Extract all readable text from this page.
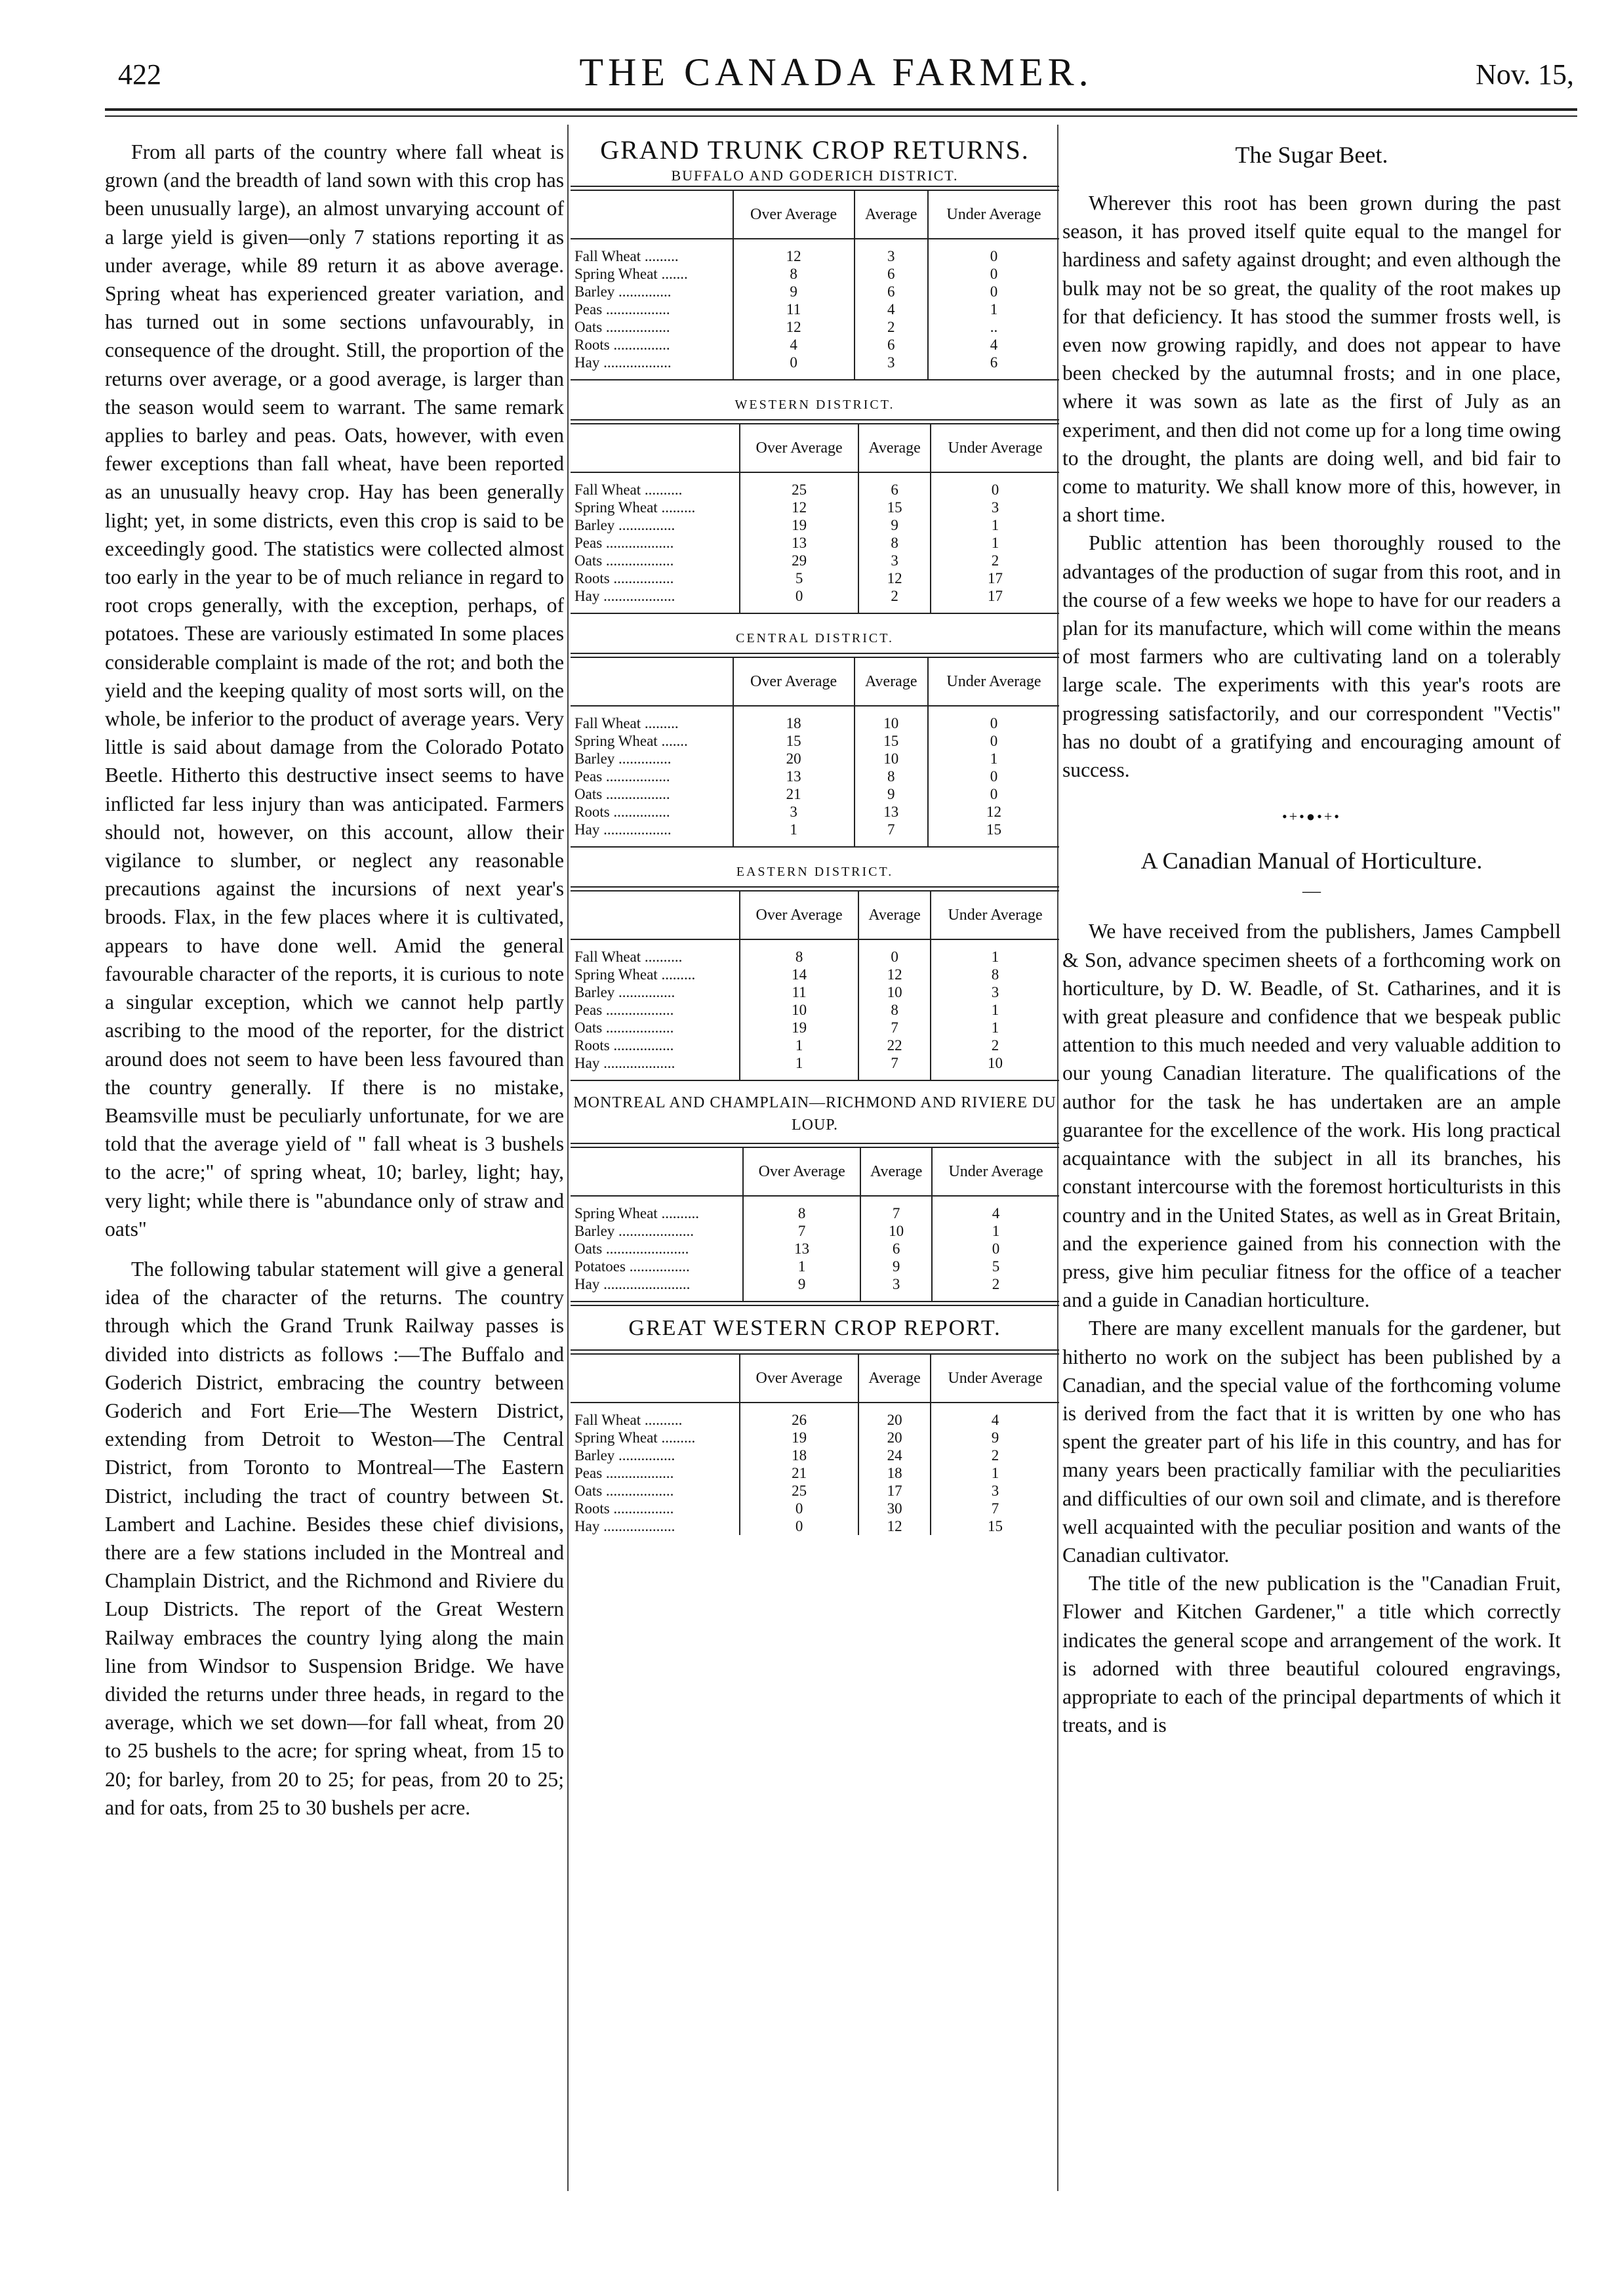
422	THE CANADA FARMER.	Nov. 15,

From all parts of the country where fall wheat is grown (and the breadth of land sown with this crop has been unusually large), an almost unvarying account of a large yield is given—only 7 stations reporting it as under average, while 89 return it as above average. Spring wheat has experienced greater variation, and has turned out in some sections unfavourably, in consequence of the drought. Still, the proportion of the returns over average, or a good average, is larger than the season would seem to warrant. The same remark applies to barley and peas. Oats, however, with even fewer exceptions than fall wheat, have been reported as an unusually heavy crop. Hay has been generally light; yet, in some districts, even this crop is said to be exceedingly good. The statistics were collected almost too early in the year to be of much reliance in regard to root crops generally, with the exception, perhaps, of potatoes. These are variously estimated In some places considerable complaint is made of the rot; and both the yield and the keeping quality of most sorts will, on the whole, be inferior to the product of average years. Very little is said about damage from the Colorado Potato Beetle. Hitherto this destructive insect seems to have inflicted far less injury than was anticipated. Farmers should not, however, on this account, allow their vigilance to slumber, or neglect any reasonable precautions against the incursions of next year's broods. Flax, in the few places where it is cultivated, appears to have done well. Amid the general favourable character of the reports, it is curious to note a singular exception, which we cannot help partly ascribing to the mood of the reporter, for the district around does not seem to have been less favoured than the country generally. If there is no mistake, Beamsville must be peculiarly unfortunate, for we are told that the average yield of " fall wheat is 3 bushels to the acre;" of spring wheat, 10; barley, light; hay, very light; while there is "abundance only of straw and oats"

The following tabular statement will give a general idea of the character of the returns. The country through which the Grand Trunk Railway passes is divided into districts as follows :—The Buffalo and Goderich District, embracing the country between Goderich and Fort Erie—The Western District, extending from Detroit to Weston—The Central District, from Toronto to Montreal—The Eastern District, including the tract of country between St. Lambert and Lachine. Besides these chief divisions, there are a few stations included in the Montreal and Champlain District, and the Richmond and Riviere du Loup Districts. The report of the Great Western Railway embraces the country lying along the main line from Windsor to Suspension Bridge. We have divided the returns under three heads, in regard to the average, which we set down—for fall wheat, from 20 to 25 bushels to the acre; for spring wheat, from 15 to 20; for barley, from 20 to 25; for peas, from 20 to 25; and for oats, from 25 to 30 bushels per acre.

GRAND TRUNK CROP RETURNS.
BUFFALO AND GODERICH DISTRICT.
	Over Average	Average	Under Average

Fall Wheat .........	12	3	0
Spring Wheat .......	8	6	0
Barley ..............	9	6	0
Peas .................	11	4	1
Oats .................	12	2	..
Roots ...............	4	6	4
Hay ..................	0	3	6

WESTERN DISTRICT.
	Over Average	Average	Under Average

Fall Wheat ..........	25	6	0
Spring Wheat .........	12	15	3
Barley ...............	19	9	1
Peas ..................	13	8	1
Oats ..................	29	3	2
Roots ................	5	12	17
Hay ...................	0	2	17

CENTRAL DISTRICT.
	Over Average	Average	Under Average

Fall Wheat .........	18	10	0
Spring Wheat .......	15	15	0
Barley ..............	20	10	1
Peas .................	13	8	0
Oats .................	21	9	0
Roots ...............	3	13	12
Hay ..................	1	7	15

EASTERN DISTRICT.
	Over Average	Average	Under Average

Fall Wheat ..........	8	0	1
Spring Wheat .........	14	12	8
Barley ...............	11	10	3
Peas ..................	10	8	1
Oats ..................	19	7	1
Roots ................	1	22	2
Hay ...................	1	7	10

MONTREAL AND CHAMPLAIN—RICHMOND AND RIVIERE DU LOUP.
	Over Average	Average	Under Average

Spring Wheat ..........	8	7	4
Barley ....................	7	10	1
Oats ......................	13	6	0
Potatoes ................	1	9	5
Hay .......................	9	3	2

GREAT WESTERN CROP REPORT.
	Over Average	Average	Under Average

Fall Wheat ..........	26	20	4
Spring Wheat .........	19	20	9
Barley ...............	18	24	2
Peas ..................	21	18	1
Oats ..................	25	17	3
Roots ................	0	30	7
Hay ...................	0	12	15
The Sugar Beet.

Wherever this root has been grown during the past season, it has proved itself quite equal to the mangel for hardiness and safety against drought; and even although the bulk may not be so great, the quality of the root makes up for that deficiency. It has stood the summer frosts well, is even now growing rapidly, and does not appear to have been checked by the autumnal frosts; and in one place, where it was sown as late as the first of July as an experiment, and then did not come up for a long time owing to the drought, the plants are doing well, and bid fair to come to maturity. We shall know more of this, however, in a short time.

Public attention has been thoroughly roused to the advantages of the production of sugar from this root, and in the course of a few weeks we hope to have for our readers a plan for its manufacture, which will come within the means of most farmers who are cultivating land on a tolerably large scale. The experiments with this year's roots are progressing satisfactorily, and our correspondent "Vectis" has no doubt of a gratifying and encouraging amount of success.

•+•●•+•
A Canadian Manual of Horticulture.
—

We have received from the publishers, James Campbell & Son, advance specimen sheets of a forthcoming work on horticulture, by D. W. Beadle, of St. Catharines, and it is with great pleasure and confidence that we bespeak public attention to this much needed and very valuable addition to our young Canadian literature. The qualifications of the author for the task he has undertaken are an ample guarantee for the excellence of the work. His long practical acquaintance with the subject in all its branches, his constant intercourse with the foremost horticulturists in this country and in the United States, as well as in Great Britain, and the experience gained from his connection with the press, give him peculiar fitness for the office of a teacher and a guide in Canadian horticulture.

There are many excellent manuals for the gardener, but hitherto no work on the subject has been published by a Canadian, and the special value of the forthcoming volume is derived from the fact that it is written by one who has spent the greater part of his life in this country, and has for many years been practically familiar with the peculiarities and difficulties of our own soil and climate, and is therefore well acquainted with the peculiar position and wants of the Canadian cultivator.

The title of the new publication is the "Canadian Fruit, Flower and Kitchen Gardener," a title which correctly indicates the general scope and arrangement of the work. It is adorned with three beautiful coloured engravings, appropriate to each of the principal departments of which it treats, and is
